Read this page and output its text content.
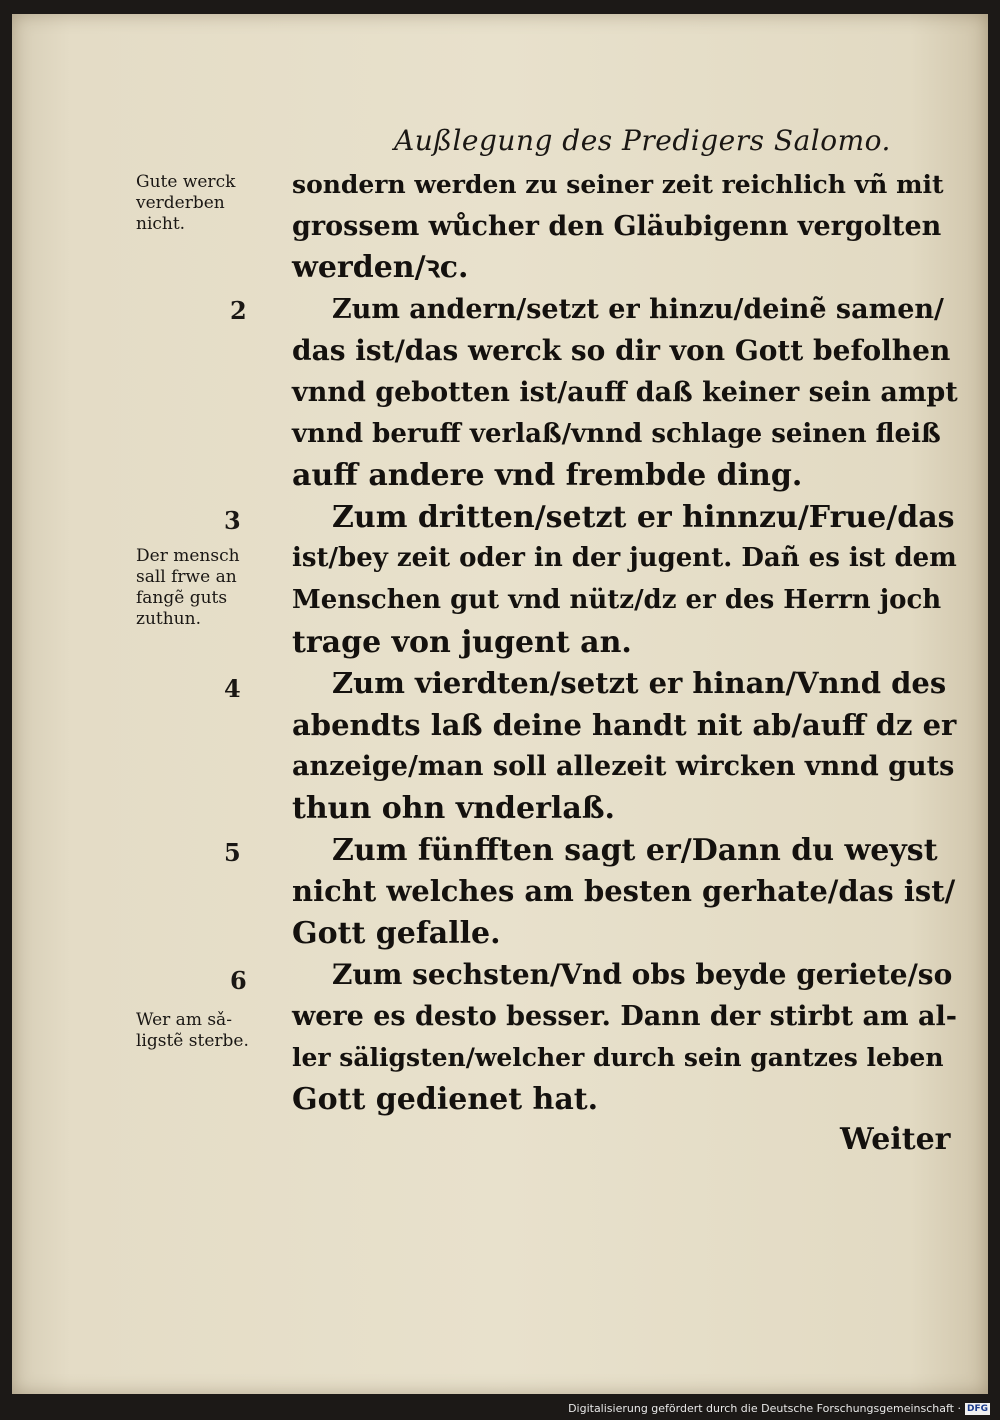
Außlegung des Predigers Salomo.
Gute werck
verderben
nicht.
Der mensch
sall frwe an
fangẽ guts
zuthun.
Wer am sǎ-
ligstẽ sterbe.
2
3
4
5
6
sondern werden zu seiner zeit reichlich vñ mit
grossem wůcher den Gläubigenn vergolten
werden/ꝛc.
Zum andern/setzt er hinzu/deinẽ samen/
das ist/das werck so dir von Gott befolhen
vnnd gebotten ist/auff daß keiner sein ampt
vnnd beruff verlaß/vnnd schlage seinen fleiß
auff andere vnd frembde ding.
Zum dritten/setzt er hinnzu/Frue/das
ist/bey zeit oder in der jugent. Dañ es ist dem
Menschen gut vnd nütz/dz er des Herrn joch
trage von jugent an.
Zum vierdten/setzt er hinan/Vnnd des
abendts laß deine handt nit ab/auff dz er
anzeige/man soll allezeit wircken vnnd guts
thun ohn vnderlaß.
Zum fünfften sagt er/Dann du weyst
nicht welches am besten gerhate/das ist/
Gott gefalle.
Zum sechsten/Vnd obs beyde geriete/so
were es desto besser. Dann der stirbt am al-
ler säligsten/welcher durch sein gantzes leben
Gott gedienet hat.
Weiter
Digitalisierung gefördert durch die Deutsche Forschungsgemeinschaft · DFG
